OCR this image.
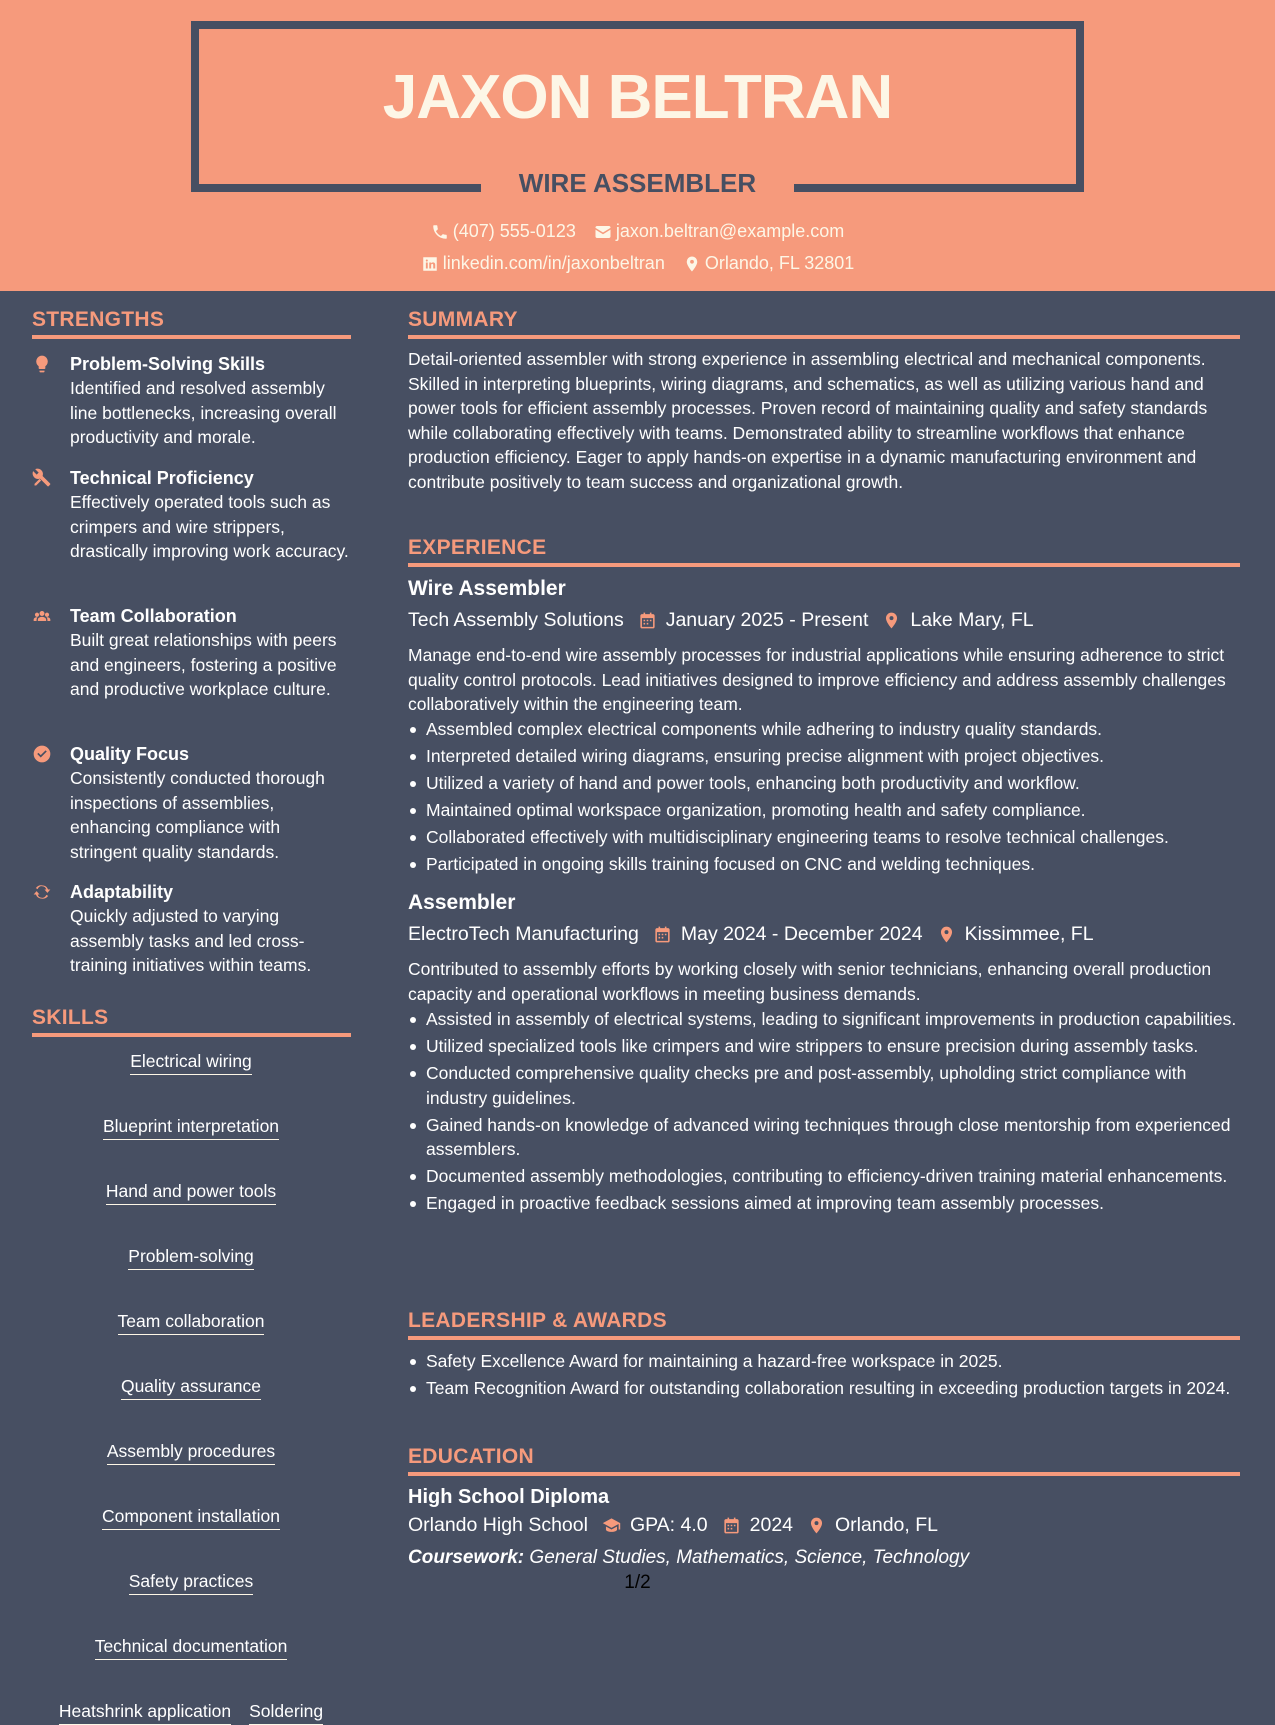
JAXON BELTRAN
WIRE ASSEMBLER
(407) 555-0123 jaxon.beltran@example.com
linkedin.com/in/jaxonbeltran Orlando, FL 32801
STRENGTHS
Problem-Solving Skills
Identified and resolved assembly line bottlenecks, increasing overall productivity and morale.
Technical Proficiency
Effectively operated tools such as crimpers and wire strippers, drastically improving work accuracy.
Team Collaboration
Built great relationships with peers and engineers, fostering a positive and productive workplace culture.
Quality Focus
Consistently conducted thorough inspections of assemblies, enhancing compliance with stringent quality standards.
Adaptability
Quickly adjusted to varying assembly tasks and led cross-training initiatives within teams.
SKILLS
Electrical wiring
Blueprint interpretation
Hand and power tools
Problem-solving
Team collaboration
Quality assurance
Assembly procedures
Component installation
Safety practices
Technical documentation
Heatshrink application Soldering
SUMMARY
Detail-oriented assembler with strong experience in assembling electrical and mechanical components. Skilled in interpreting blueprints, wiring diagrams, and schematics, as well as utilizing various hand and power tools for efficient assembly processes. Proven record of maintaining quality and safety standards while collaborating effectively with teams. Demonstrated ability to streamline workflows that enhance production efficiency. Eager to apply hands-on expertise in a dynamic manufacturing environment and contribute positively to team success and organizational growth.
EXPERIENCE
Wire Assembler
Tech Assembly Solutions January 2025 - Present Lake Mary, FL
Manage end-to-end wire assembly processes for industrial applications while ensuring adherence to strict quality control protocols. Lead initiatives designed to improve efficiency and address assembly challenges collaboratively within the engineering team.
Assembled complex electrical components while adhering to industry quality standards.
Interpreted detailed wiring diagrams, ensuring precise alignment with project objectives.
Utilized a variety of hand and power tools, enhancing both productivity and workflow.
Maintained optimal workspace organization, promoting health and safety compliance.
Collaborated effectively with multidisciplinary engineering teams to resolve technical challenges.
Participated in ongoing skills training focused on CNC and welding techniques.
Assembler
ElectroTech Manufacturing May 2024 - December 2024 Kissimmee, FL
Contributed to assembly efforts by working closely with senior technicians, enhancing overall production capacity and operational workflows in meeting business demands.
Assisted in assembly of electrical systems, leading to significant improvements in production capabilities.
Utilized specialized tools like crimpers and wire strippers to ensure precision during assembly tasks.
Conducted comprehensive quality checks pre and post-assembly, upholding strict compliance with industry guidelines.
Gained hands-on knowledge of advanced wiring techniques through close mentorship from experienced assemblers.
Documented assembly methodologies, contributing to efficiency-driven training material enhancements.
Engaged in proactive feedback sessions aimed at improving team assembly processes.
LEADERSHIP & AWARDS
Safety Excellence Award for maintaining a hazard-free workspace in 2025.
Team Recognition Award for outstanding collaboration resulting in exceeding production targets in 2024.
EDUCATION
High School Diploma
Orlando High School GPA: 4.0 2024 Orlando, FL
Coursework: General Studies, Mathematics, Science, Technology
1/2
